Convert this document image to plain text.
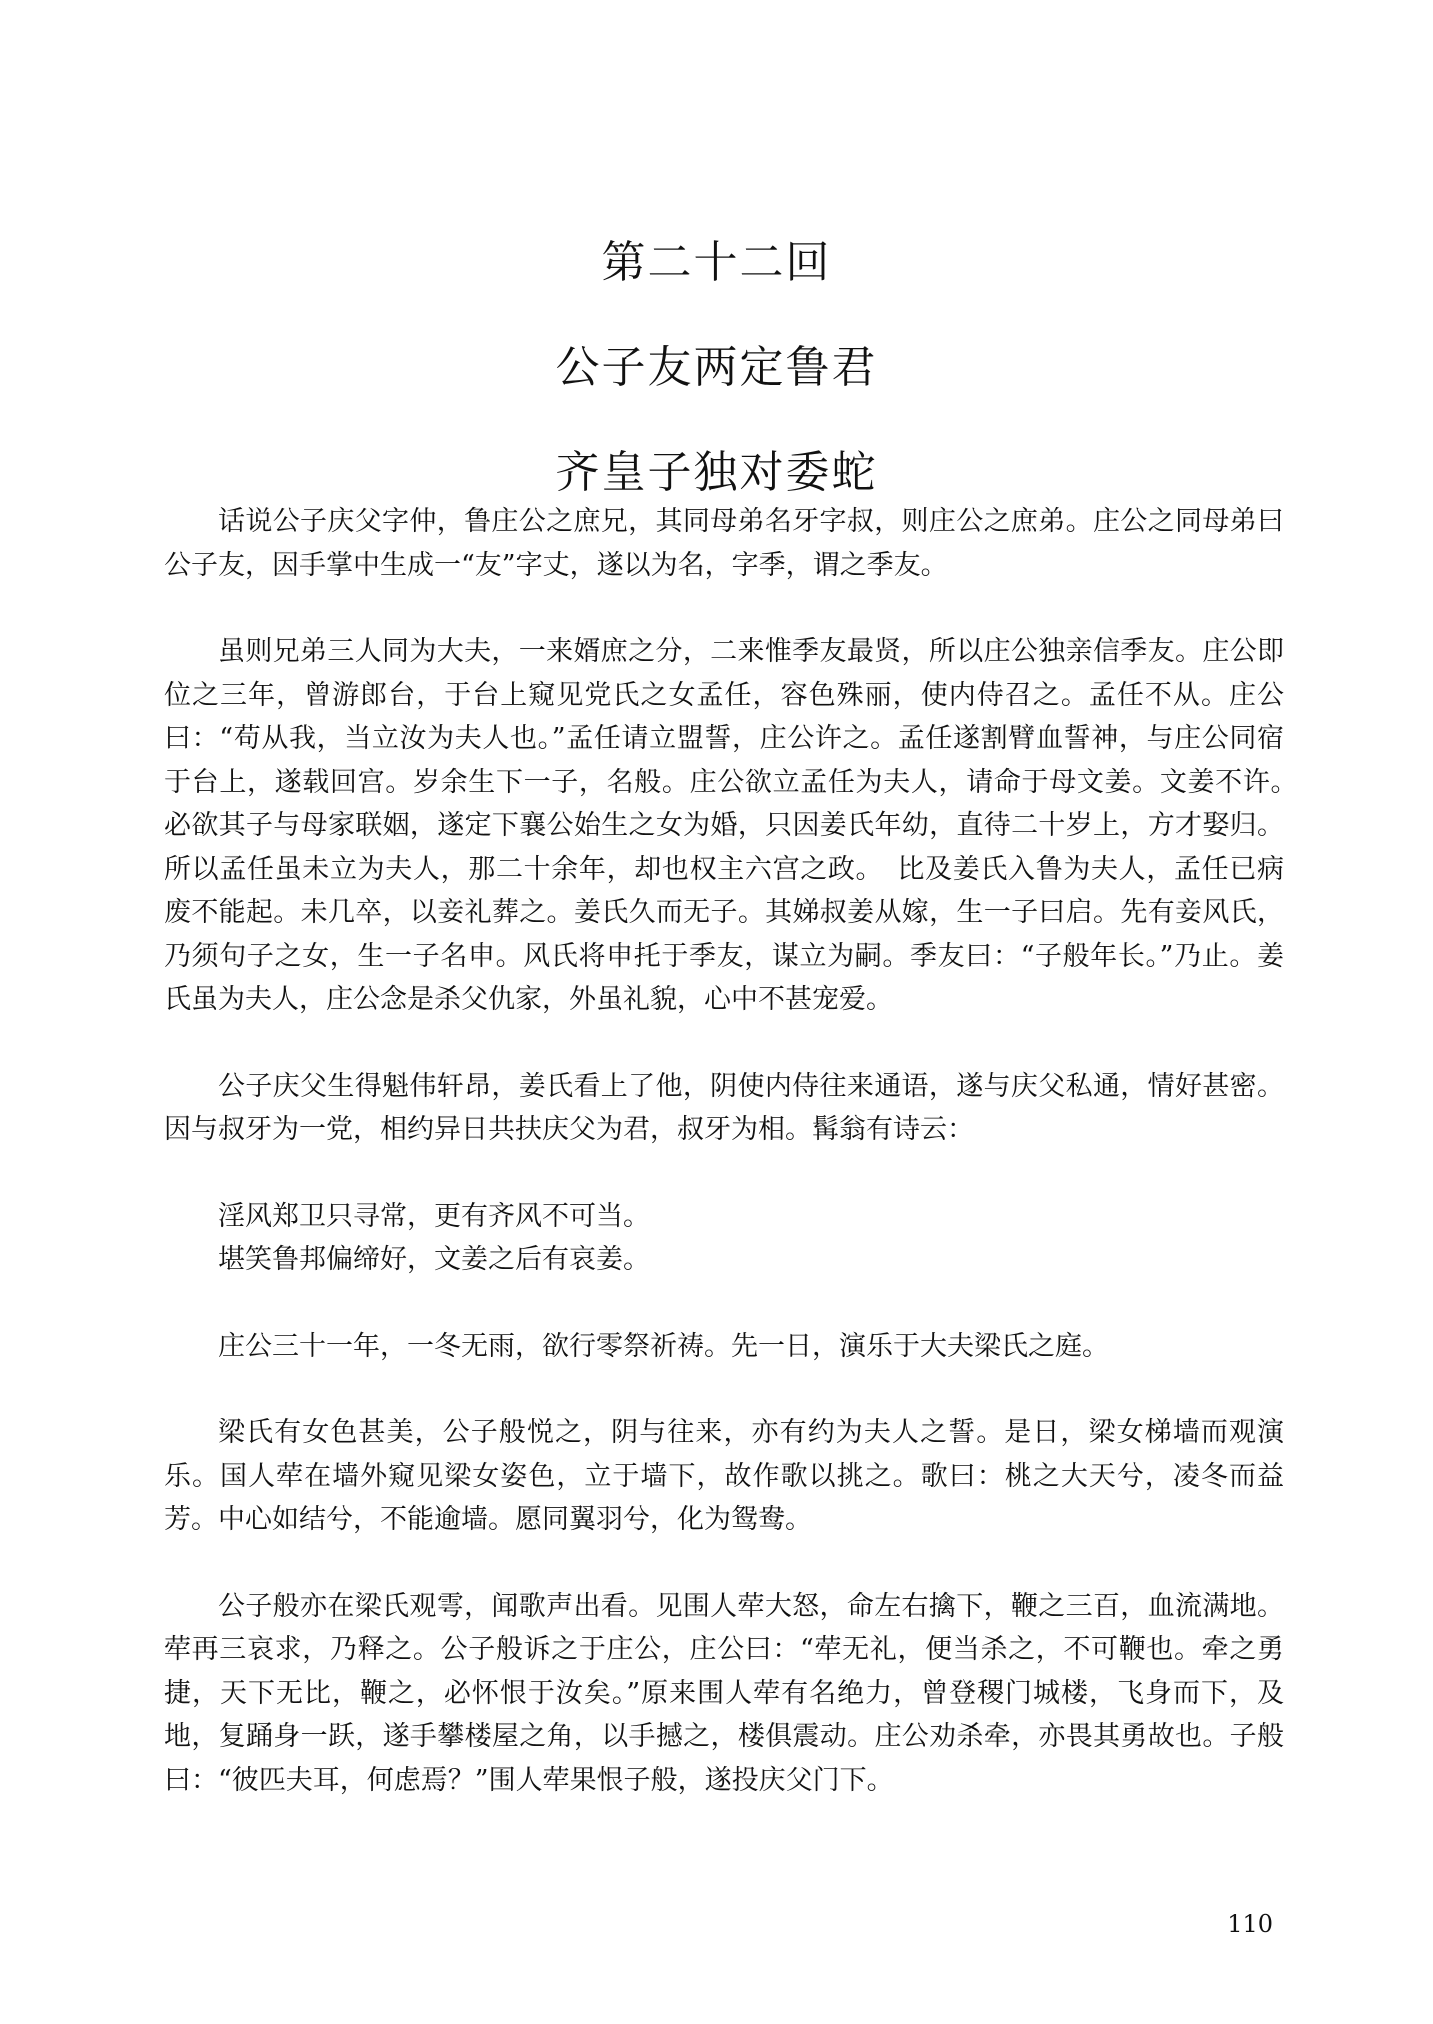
第二十二回
公子友两定鲁君
齐皇子独对委蛇

话说公子庆父字仲，鲁庄公之庶兄，其同母弟名牙字叔，则庄公之庶弟。庄公之同母弟曰公子友，因手掌中生成一“友”字丈，遂以为名，字季，谓之季友。

虽则兄弟三人同为大夫，一来婿庶之分，二来惟季友最贤，所以庄公独亲信季友。庄公即位之三年，曾游郎台，于台上窥见党氏之女孟任，容色殊丽，使内侍召之。孟任不从。庄公曰：“苟从我，当立汝为夫人也。”孟任请立盟誓，庄公许之。孟任遂割臂血誓神，与庄公同宿于台上，遂载回宫。岁余生下一子，名般。庄公欲立孟任为夫人，请命于母文姜。文姜不许。　必欲其子与母家联姻，遂定下襄公始生之女为婚，只因姜氏年幼，直待二十岁上，方才娶归。所以孟任虽未立为夫人，那二十余年，却也权主六宫之政。　比及姜氏入鲁为夫人，孟任已病废不能起。未几卒，以妾礼葬之。姜氏久而无子。其娣叔姜从嫁，生一子曰启。先有妾风氏，乃须句子之女，生一子名申。风氏将申托于季友，谋立为嗣。季友曰：“子般年长。”乃止。姜氏虽为夫人，庄公念是杀父仇家，外虽礼貌，心中不甚宠爱。

公子庆父生得魁伟轩昂，姜氏看上了他，阴使内侍往来通语，遂与庆父私通，情好甚密。因与叔牙为一党，相约异日共扶庆父为君，叔牙为相。髯翁有诗云：

淫风郑卫只寻常，更有齐风不可当。

堪笑鲁邦偏缔好，文姜之后有哀姜。

庄公三十一年，一冬无雨，欲行零祭祈祷。先一日，演乐于大夫梁氏之庭。

梁氏有女色甚美，公子般悦之，阴与往来，亦有约为夫人之誓。是日，梁女梯墙而观演乐。国人荦在墙外窥见梁女姿色，立于墙下，故作歌以挑之。歌曰：桃之大天兮，凌冬而益芳。中心如结兮，不能逾墙。愿同翼羽兮，化为鸳鸯。

公子般亦在梁氏观雩，闻歌声出看。见围人荦大怒，命左右擒下，鞭之三百，血流满地。荦再三哀求，乃释之。公子般诉之于庄公，庄公曰：“荦无礼，便当杀之，不可鞭也。牵之勇捷，天下无比，鞭之，必怀恨于汝矣。”原来围人荦有名绝力，曾登稷门城楼，飞身而下，及地，复踊身一跃，遂手攀楼屋之角，以手撼之，楼俱震动。庄公劝杀牵，亦畏其勇故也。子般曰：“彼匹夫耳，何虑焉？”围人荦果恨子般，遂投庆父门下。

110
